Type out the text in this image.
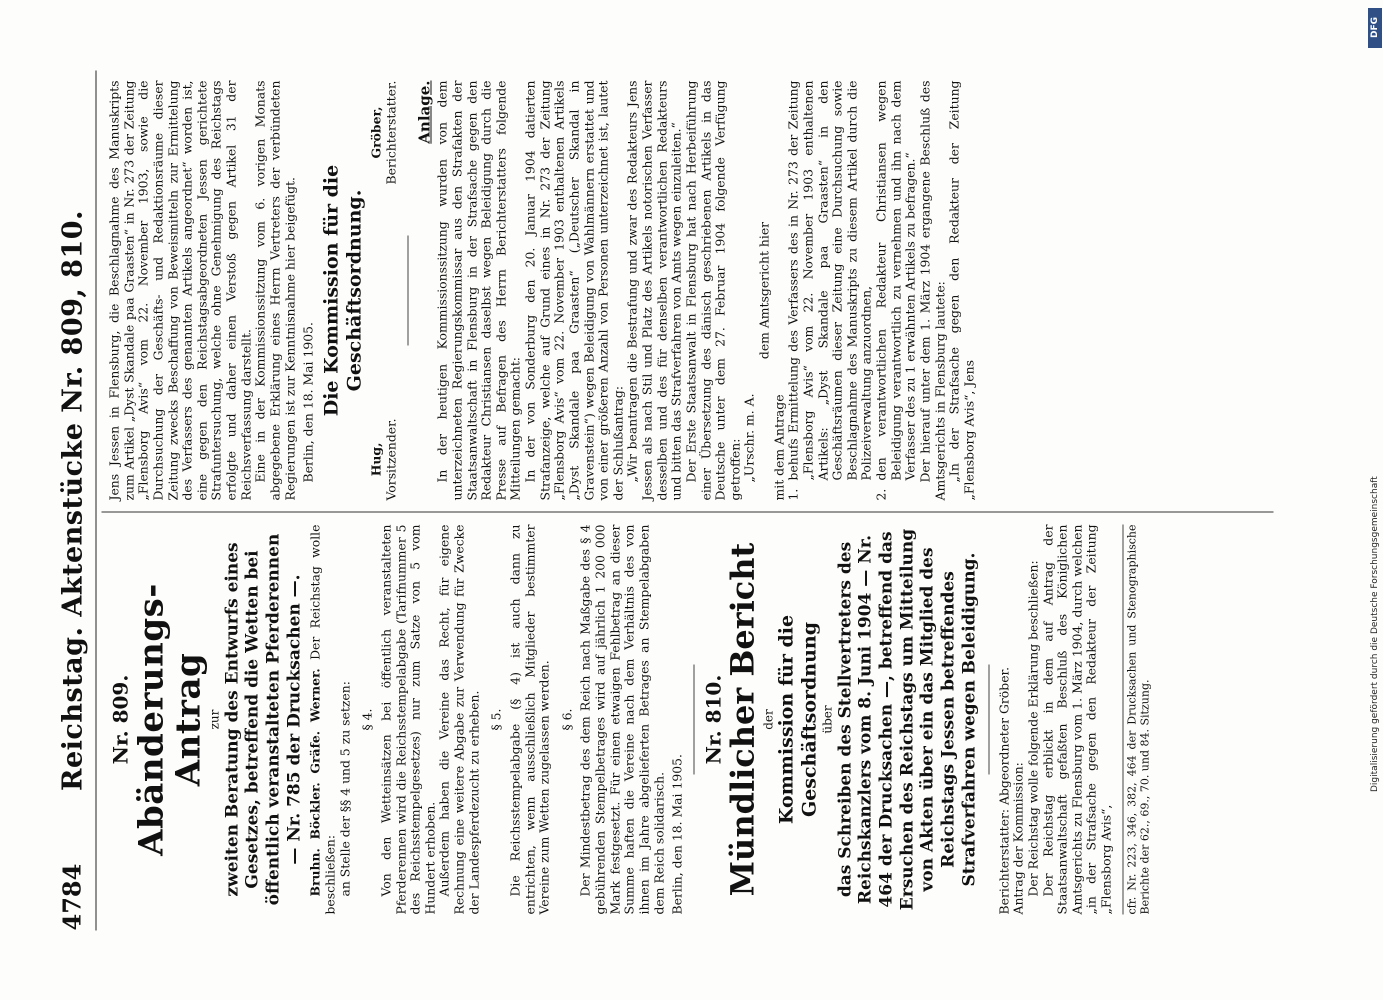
4784
Reichstag. Aktenstücke Nr. 809, 810. Nr. 809.

Abänderungs-Antrag zur zweiten Beratung des Entwurfs eines Gesetzes, betreffend die Wetten bei öffentlich veranstalteten Pferderennen — Nr. 785 der Drucksachen —. Bruhn. Böckler. Gräfe. Werner. Der Reichstag wolle beschließen: an Stelle der §§ 4 und 5 zu setzen: § 4. Von den Wetteinsätzen bei öffentlich veranstalteten Pferderennen wird die Reichsstempelabgabe (Tarifnummer 5 des Reichsstempelgesetzes) nur zum Satze von 5 vom Hundert erhoben. Außerdem haben die Vereine das Recht, für eigene Rechnung eine weitere Abgabe zur Verwendung für Zwecke der Landespferdezucht zu erheben. § 5. Die Reichsstempelabgabe (§ 4) ist auch dann zu entrichten, wenn ausschließlich Mitglieder bestimmter Vereine zum Wetten zugelassen werden. § 6. Der Mindestbetrag des dem Reich nach Maßgabe des § 4 gebührenden Stempelbetrages wird auf jährlich 1 200 000 Mark festgesetzt. Für einen etwaigen Fehlbetrag an dieser Summe haften die Vereine nach dem Verhältnis des von ihnen im Jahre abgelieferten Betrages an Stempelabgaben dem Reich solidarisch. Berlin, den 18. Mai 1905.

Nr. 810.

Mündlicher Bericht der Kommission für die Geschäftsordnung über das Schreiben des Stellvertreters des Reichskanzlers vom 8. Juni 1904 — Nr. 464 der Drucksachen —, betreffend das Ersuchen des Reichstags um Mitteilung von Akten über ein das Mitglied des Reichstags Jessen betreffendes Strafverfahren wegen Beleidigung. Berichterstatter: Abgeordneter Gröber. Antrag der Kommission: Der Reichstag wolle folgende Erklärung beschließen: Der Reichstag erblickt in dem auf Antrag der Staatsanwaltschaft gefaßten Beschluß des Königlichen Amtsgerichts zu Flensburg vom 1. März 1904, durch welchen „in der Strafsache gegen den Redakteur der Zeitung „Flensborg Avis“, cfr. Nr. 223, 346, 382, 464 der Drucksachen und Stenographische Berichte der 62., 69., 70. und 84. Sitzung.

Jens Jessen in Flensburg, die Beschlagnahme des Manuskripts zum Artikel „Dyst Skandale paa Graasten“ in Nr. 273 der Zeitung „Flensborg Avis“ vom 22. November 1903, sowie die Durchsuchung der Geschäfts- und Redaktionsräume dieser Zeitung zwecks Beschaffung von Beweismitteln zur Ermittelung des Verfassers des genannten Artikels angeordnet“ worden ist, eine gegen den Reichstagsabgeordneten Jessen gerichtete Strafuntersuchung, welche ohne Genehmigung des Reichstags erfolgte und daher einen Verstoß gegen Artikel 31 der Reichsverfassung darstellt. Eine in der Kommissionssitzung vom 6. vorigen Monats abgegebene Erklärung eines Herrn Vertreters der verbündeten Regierungen ist zur Kenntnisnahme hier beigefügt. Berlin, den 18. Mai 1905. Die Kommission für die Geschäftsordnung.

Hug, Vorsitzender.
Gröber, Berichterstatter. Anlage. In der heutigen Kommissionssitzung wurden von dem unterzeichneten Regierungskommissar aus den Strafakten der Staatsanwaltschaft in Flensburg in der Strafsache gegen den Redakteur Christiansen daselbst wegen Beleidigung durch die Presse auf Befragen des Herrn Berichterstatters folgende Mitteilungen gemacht: In der von Sonderburg den 20. Januar 1904 datierten Strafanzeige, welche auf Grund eines in Nr. 273 der Zeitung „Flensborg Avis“ vom 22. November 1903 enthaltenen Artikels „Dyst Skandale paa Graasten“ („Deutscher Skandal in Gravenstein“) wegen Beleidigung von Wahlmännern erstattet und von einer größeren Anzahl von Personen unterzeichnet ist, lautet der Schlußantrag: „Wir beantragen die Bestrafung und zwar des Redakteurs Jens Jessen als nach Stil und Platz des Artikels notorischen Verfasser desselben und des für denselben verantwortlichen Redakteurs und bitten das Strafverfahren von Amts wegen einzuleiten.“ Der Erste Staatsanwalt in Flensburg hat nach Herbeiführung einer Übersetzung des dänisch geschriebenen Artikels in das Deutsche unter dem 27. Februar 1904 folgende Verfügung getroffen: „Urschr. m. A.

dem Amtsgericht hier

mit dem Antrage 1.
behufs Ermittelung des Verfassers des in Nr. 273 der Zeitung „Flensborg Avis“ vom 22. November 1903 enthaltenen Artikels: „Dyst Skandale paa Graasten“ in den Geschäftsräumen dieser Zeitung eine Durchsuchung sowie Beschlagnahme des Manuskripts zu diesem Artikel durch die Polizeiverwaltung anzuordnen,
2.
den verantwortlichen Redakteur Christiansen wegen Beleidigung verantwortlich zu vernehmen und ihn nach dem Verfasser des zu 1 erwähnten Artikels zu befragen.“ Der hierauf unter dem 1. März 1904 ergangene Beschluß des Amtsgerichts in Flensburg lautete: „In der Strafsache gegen den Redakteur der Zeitung „Flensborg Avis“, Jens

DFG
Digitalisierung gefördert durch die Deutsche Forschungsgemeinschaft
